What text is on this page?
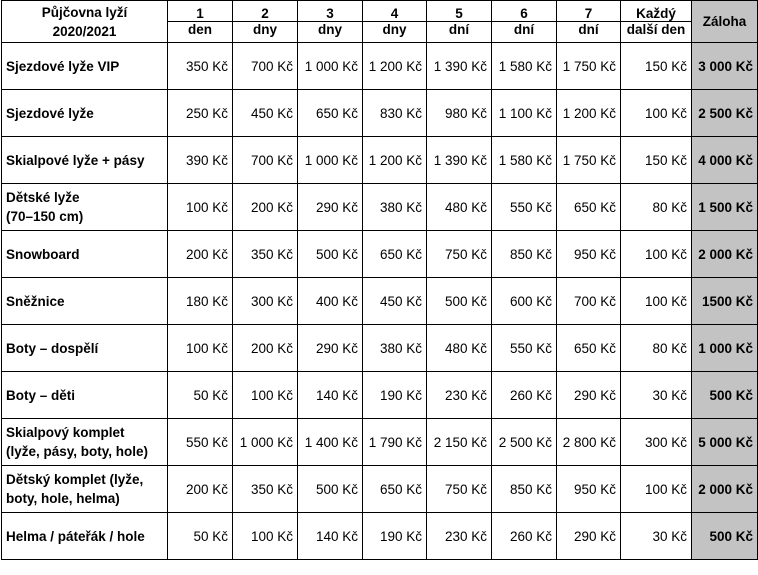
Půjčovna lyží
2020/2021	1	2	3	4	5	6	7	Každý	Záloha
	den	dny	dny	dny	dní	dní	dní	další den	

Sjezdové lyže VIP	350 Kč	700 Kč	1 000 Kč	1 200 Kč	1 390 Kč	1 580 Kč	1 750 Kč	150 Kč	3 000 Kč

Sjezdové lyže	250 Kč	450 Kč	650 Kč	830 Kč	980 Kč	1 100 Kč	1 200 Kč	100 Kč	2 500 Kč

Skialpové lyže + pásy	390 Kč	700 Kč	1 000 Kč	1 200 Kč	1 390 Kč	1 580 Kč	1 750 Kč	150 Kč	4 000 Kč

Dětské lyže
(70–150 cm)	100 Kč	200 Kč	290 Kč	380 Kč	480 Kč	550 Kč	650 Kč	80 Kč	1 500 Kč

Snowboard	200 Kč	350 Kč	500 Kč	650 Kč	750 Kč	850 Kč	950 Kč	100 Kč	2 000 Kč

Sněžnice	180 Kč	300 Kč	400 Kč	450 Kč	500 Kč	600 Kč	700 Kč	100 Kč	1500 Kč

Boty – dospělí	100 Kč	200 Kč	290 Kč	380 Kč	480 Kč	550 Kč	650 Kč	80 Kč	1 000 Kč

Boty – děti	50 Kč	100 Kč	140 Kč	190 Kč	230 Kč	260 Kč	290 Kč	30 Kč	500 Kč

Skialpový komplet
(lyže, pásy, boty, hole)	550 Kč	1 000 Kč	1 400 Kč	1 790 Kč	2 150 Kč	2 500 Kč	2 800 Kč	300 Kč	5 000 Kč

Dětský komplet (lyže,
boty, hole, helma)	200 Kč	350 Kč	500 Kč	650 Kč	750 Kč	850 Kč	950 Kč	100 Kč	2 000 Kč

Helma / páteřák / hole	50 Kč	100 Kč	140 Kč	190 Kč	230 Kč	260 Kč	290 Kč	30 Kč	500 Kč
